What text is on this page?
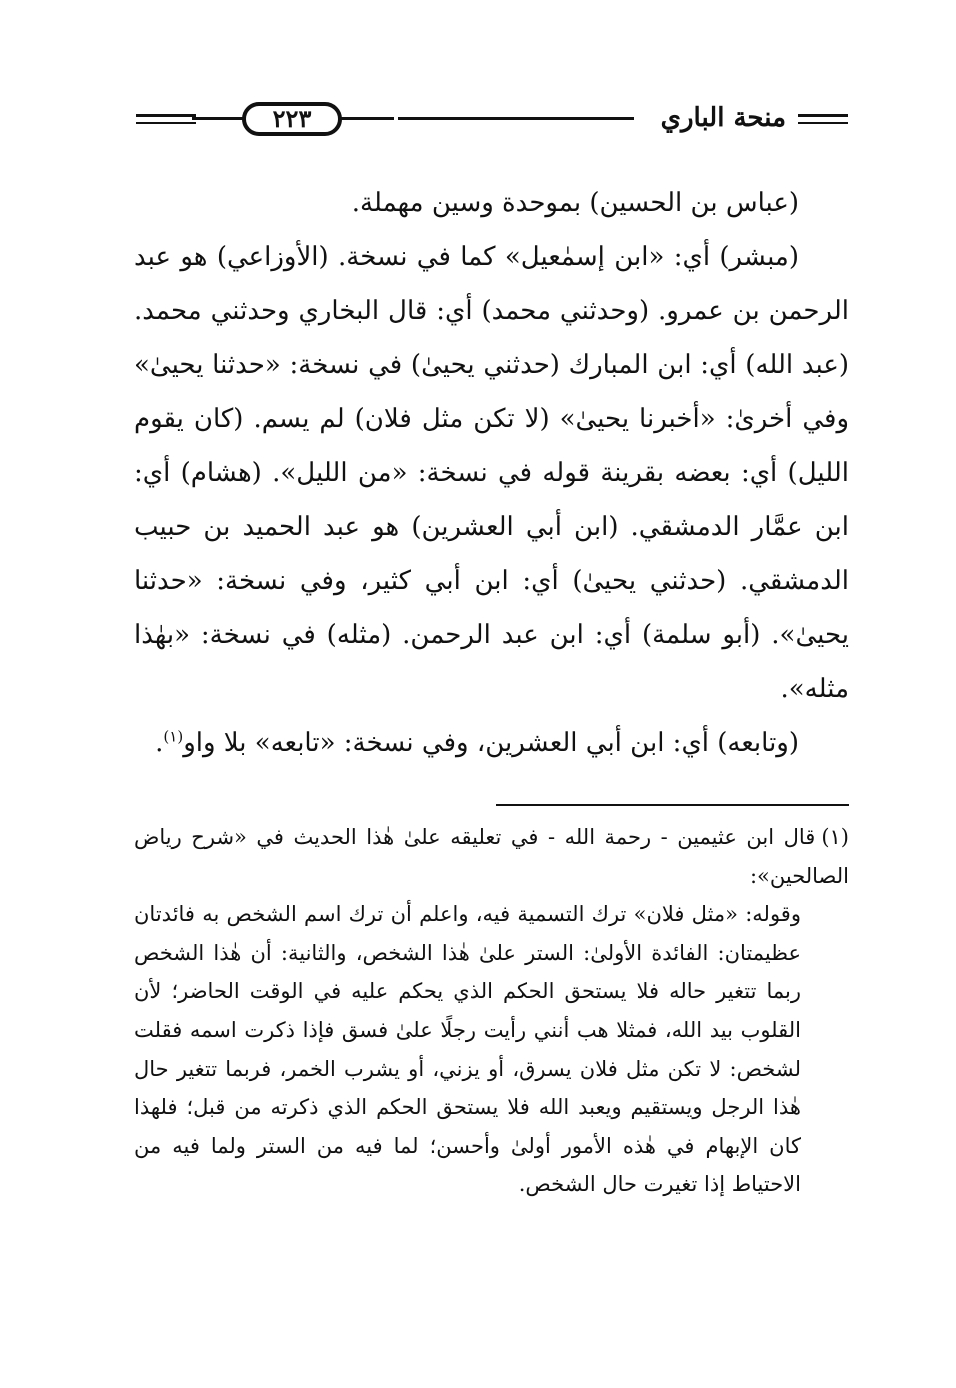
٢٢٣	منحة الباري

(عباس بن الحسين) بموحدة وسين مهملة.

(مبشر) أي: «ابن إسمٰعيل» كما في نسخة. (الأوزاعي) هو عبد الرحمن بن عمرو. (وحدثني محمد) أي: قال البخاري وحدثني محمد. (عبد الله) أي: ابن المبارك (حدثني يحيىٰ) في نسخة: «حدثنا يحيىٰ» وفي أخرىٰ: «أخبرنا يحيىٰ» (لا تكن مثل فلان) لم يسم. (كان يقوم الليل) أي: بعضه بقرينة قوله في نسخة: «من الليل». (هشام) أي: ابن عمَّار الدمشقي. (ابن أبي العشرين) هو عبد الحميد بن حبيب الدمشقي. (حدثني يحيىٰ) أي: ابن أبي كثير، وفي نسخة: «حدثنا يحيىٰ». (أبو سلمة) أي: ابن عبد الرحمن. (مثله) في نسخة: «بهٰذا مثله».

(وتابعه) أي: ابن أبي العشرين، وفي نسخة: «تابعه» بلا واو$^{(١)}$.

(١)قال ابن عثيمين - رحمة الله - في تعليقه علىٰ هٰذا الحديث في «شرح رياض الصالحين»:

وقوله: «مثل فلان» ترك التسمية فيه، واعلم أن ترك اسم الشخص به فائدتان عظيمتان: الفائدة الأولىٰ: الستر علىٰ هٰذا الشخص، والثانية: أن هٰذا الشخص ربما تتغير حاله فلا يستحق الحكم الذي يحكم عليه في الوقت الحاضر؛ لأن القلوب بيد الله، فمثلا هب أنني رأيت رجلًا علىٰ فسق فإذا ذكرت اسمه فقلت لشخص: لا تكن مثل فلان يسرق، أو يزني، أو يشرب الخمر، فربما تتغير حال هٰذا الرجل ويستقيم ويعبد الله فلا يستحق الحكم الذي ذكرته من قبل؛ فلهذا كان الإبهام في هٰذه الأمور أولىٰ وأحسن؛ لما فيه من الستر ولما فيه من الاحتياط إذا تغيرت حال الشخص.
